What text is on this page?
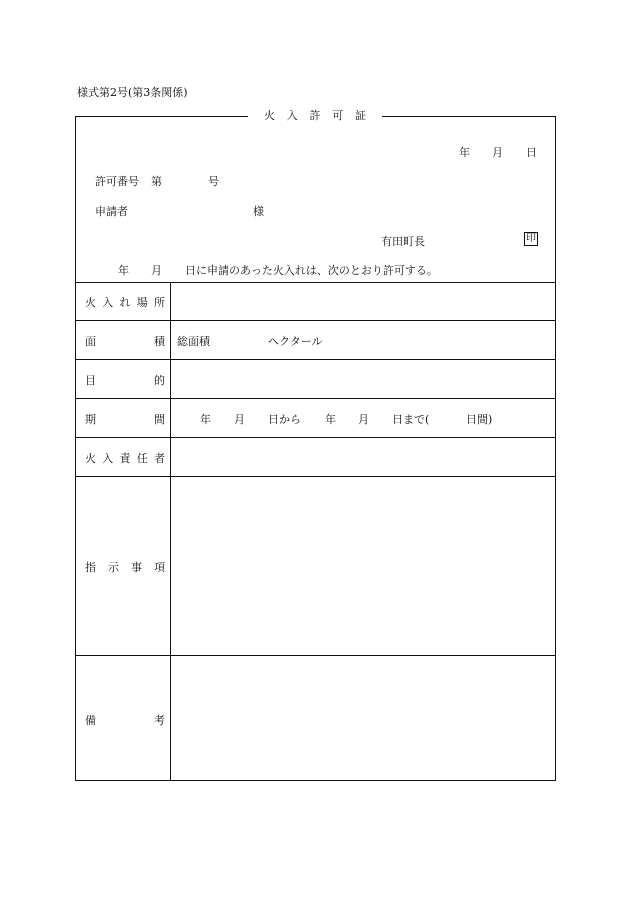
様式第2号(第3条関係)
火 入 許 可 証
年 月 日
許可番号 第	号
申請者	様
有田町長	印
年 月 日に申請のあった火入れは、次のとおり許可する。
火 入 れ 場 所
面	積 総面積	ヘクタール
目	的
期	間	年 月 日から 年 月 日まで(	日間)
火 入 責 任 者
指 示 事 項
備	考
